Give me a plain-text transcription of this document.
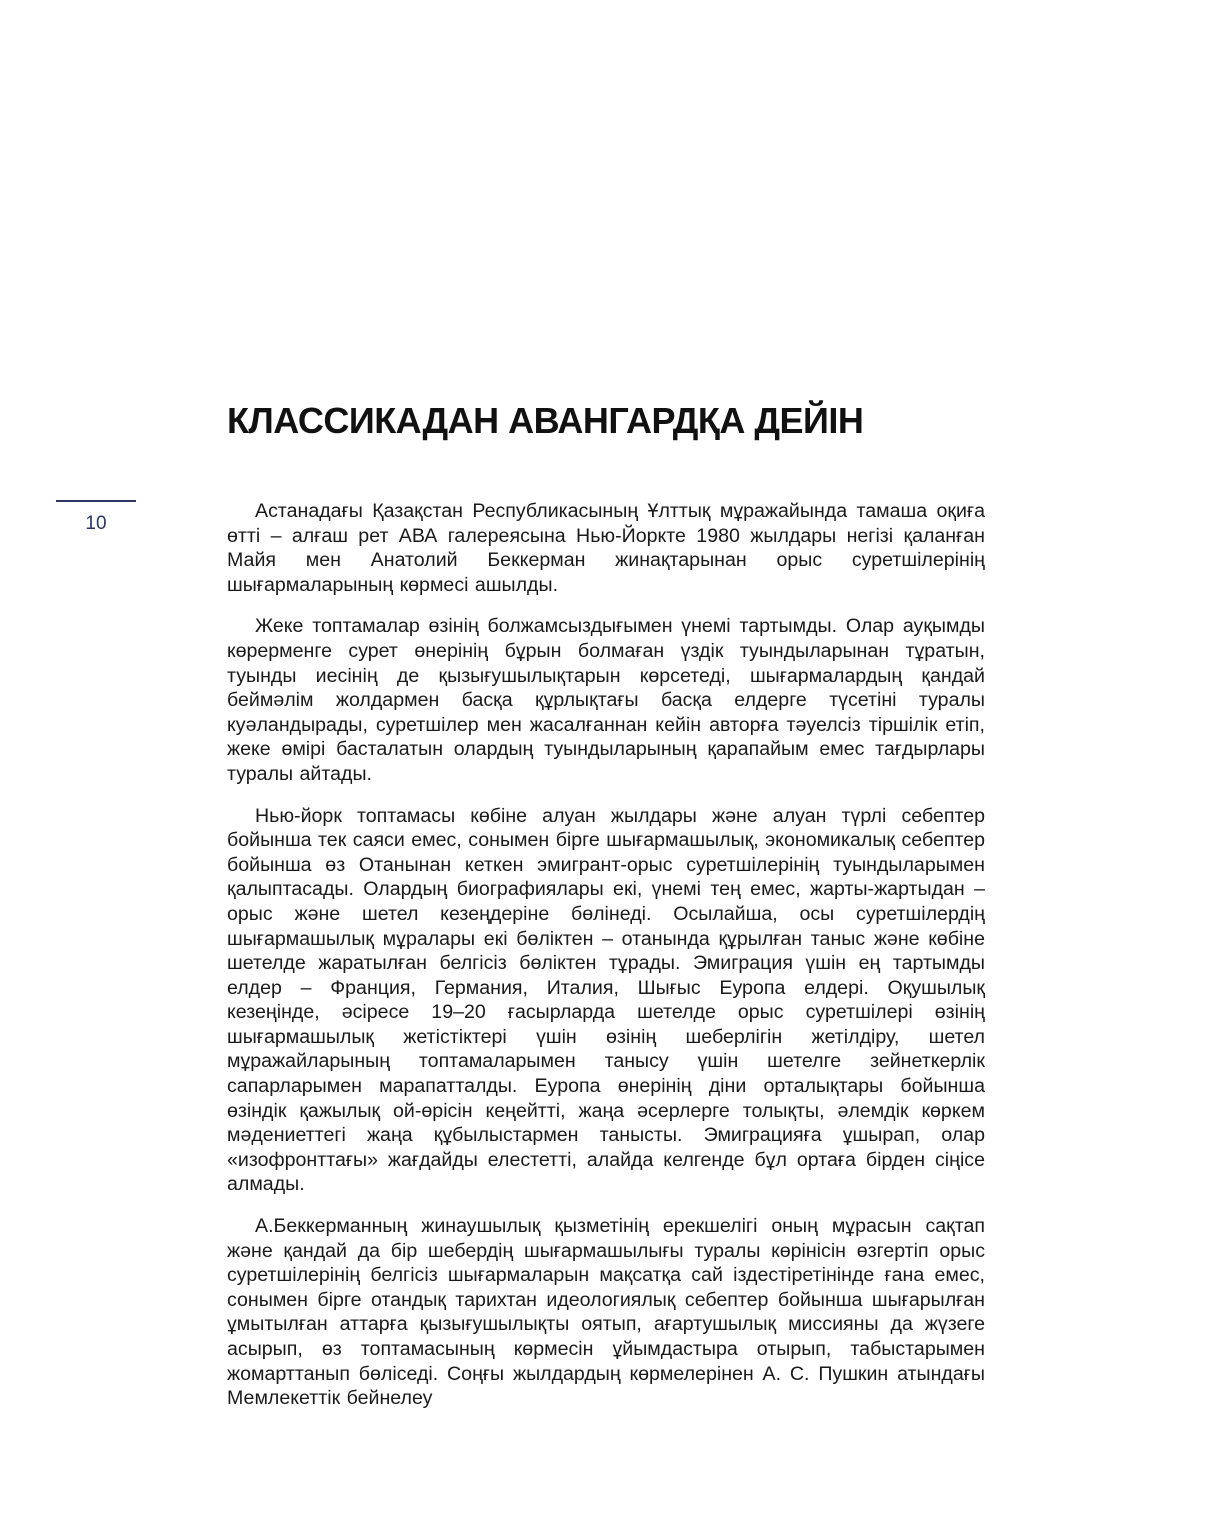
10
КЛАССИКАДАН АВАНГАРДҚА ДЕЙІН

Астанадағы Қазақстан Республикасының Ұлттық мұражайында тамаша оқиға өтті – алғаш рет АВА галереясына Нью-Йоркте 1980 жылдары негізі қаланған Майя мен Анатолий Беккерман жинақтарынан орыс суретшілерінің шығармаларының көрмесі ашылды.

Жеке топтамалар өзінің болжамсыздығымен үнемі тартымды. Олар ауқымды көрерменге сурет өнерінің бұрын болмаған үздік туындыларынан тұратын, туынды иесінің де қызығушылықтарын көрсетеді, шығармалардың қандай беймәлім жолдармен басқа құрлықтағы басқа елдерге түсетіні туралы куәландырады, суретшілер мен жасалғаннан кейін авторға тәуелсіз тіршілік етіп, жеке өмірі басталатын олардың туындыларының қарапайым емес тағдырлары туралы айтады.

Нью-йорк топтамасы көбіне алуан жылдары және алуан түрлі себептер бойынша тек саяси емес, сонымен бірге шығармашылық, экономикалық себептер бойынша өз Отанынан кеткен эмигрант-орыс суретшілерінің туындыларымен қалыптасады. Олардың биографиялары екі, үнемі тең емес, жарты-жартыдан – орыс және шетел кезеңдеріне бөлінеді. Осылайша, осы суретшілердің шығармашылық мұралары екі бөліктен – отанында құрылған таныс және көбіне шетелде жаратылған белгісіз бөліктен тұрады. Эмиграция үшін ең тартымды елдер – Франция, Германия, Италия, Шығыс Еуропа елдері. Оқушылық кезеңінде, әсіресе 19–20 ғасырларда шетелде орыс суретшілері өзінің шығармашылық жетістіктері үшін өзінің шеберлігін жетілдіру, шетел мұражайларының топтамаларымен танысу үшін шетелге зейнеткерлік сапарларымен марапатталды. Еуропа өнерінің діни орталықтары бойынша өзіндік қажылық ой-өрісін кеңейтті, жаңа әсерлерге толықты, әлемдік көркем мәдениеттегі жаңа құбылыстармен танысты. Эмиграцияға ұшырап, олар «изофронттағы» жағдайды елестетті, алайда келгенде бұл ортаға бірден сіңісе алмады.

А.Беккерманның жинаушылық қызметінің ерекшелігі оның мұрасын сақтап және қандай да бір шебердің шығармашылығы туралы көрінісін өзгертіп орыс суретшілерінің белгісіз шығармаларын мақсатқа сай іздестіретінінде ғана емес, сонымен бірге отандық тарихтан идеологиялық себептер бойынша шығарылған ұмытылған аттарға қызығушылықты оятып, ағартушылық миссияны да жүзеге асырып, өз топтамасының көрмесін ұйымдастыра отырып, табыстарымен жомарттанып бөліседі. Соңғы жылдардың көрмелерінен А. С. Пушкин атындағы Мемлекеттік бейнелеу
